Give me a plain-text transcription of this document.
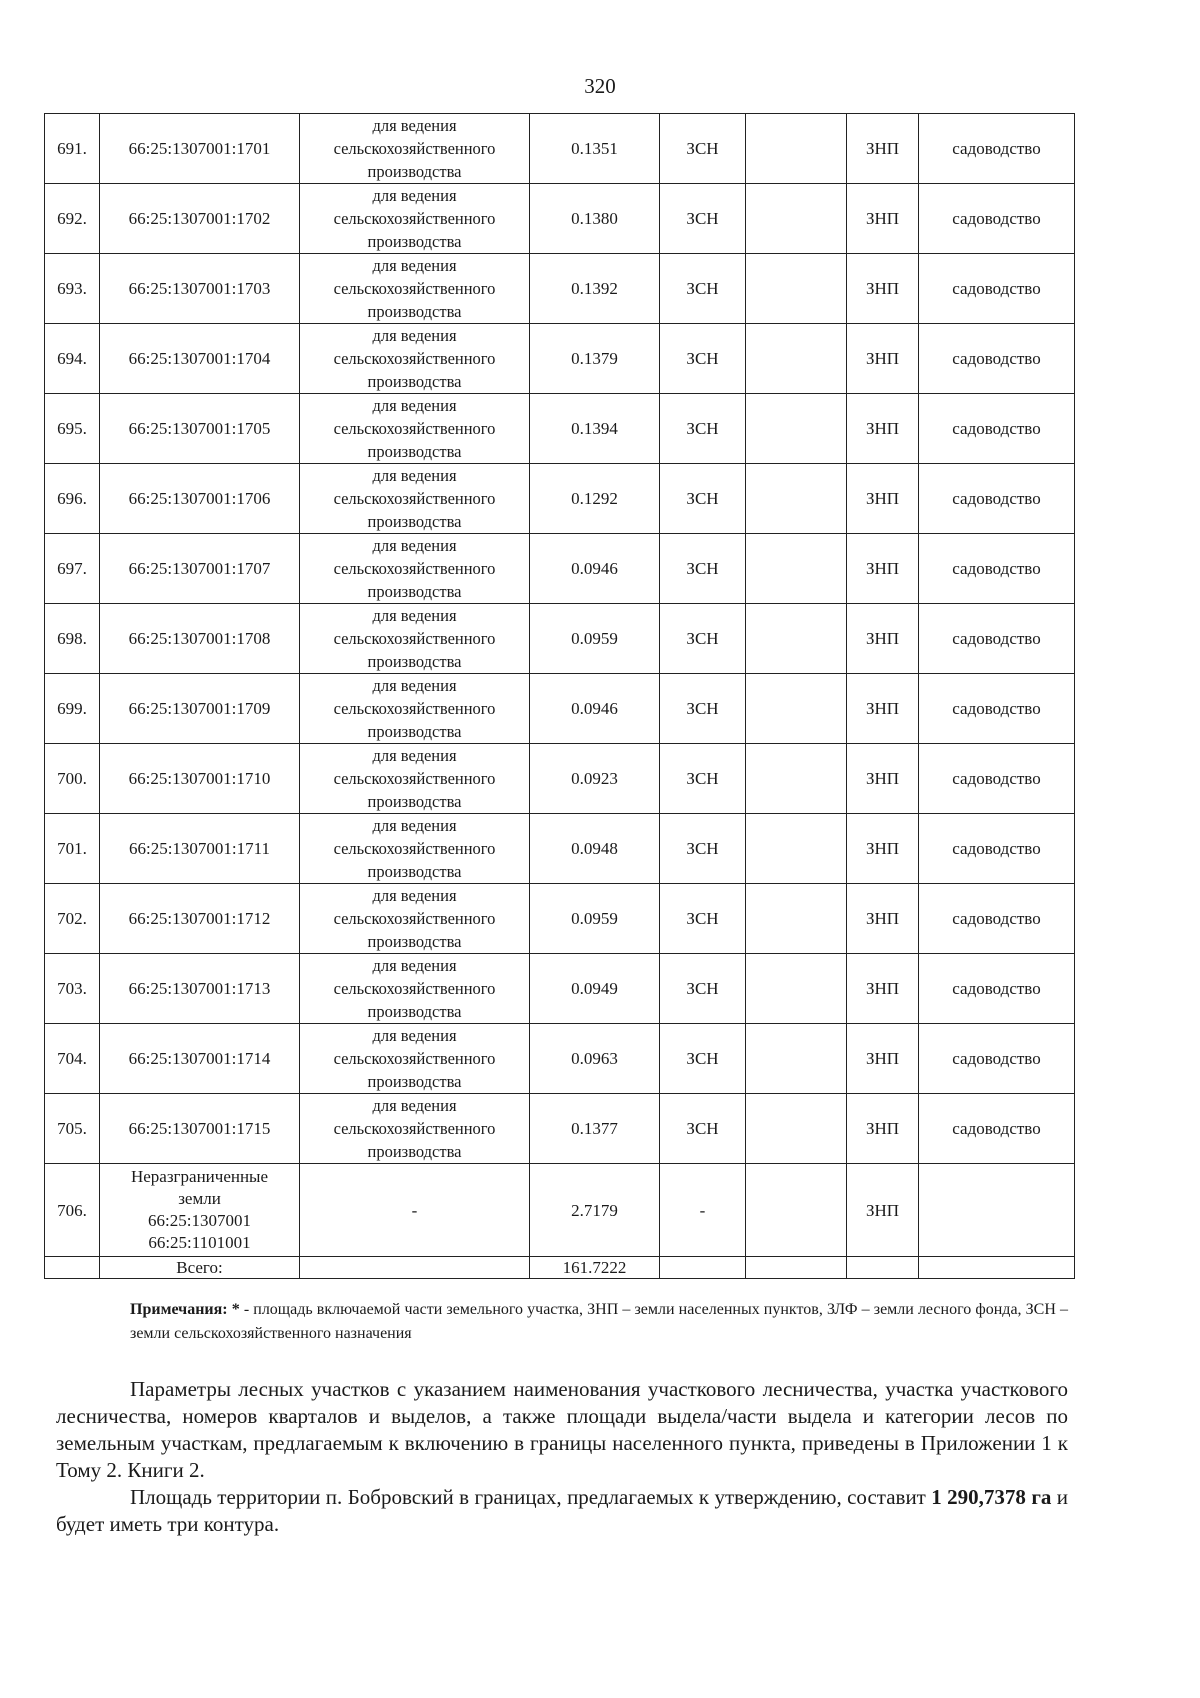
320
691.	66:25:1307001:1701	для ведения
сельскохозяйственного
производства	0.1351	ЗСН		ЗНП	садоводство
692.	66:25:1307001:1702	для ведения
сельскохозяйственного
производства	0.1380	ЗСН		ЗНП	садоводство
693.	66:25:1307001:1703	для ведения
сельскохозяйственного
производства	0.1392	ЗСН		ЗНП	садоводство
694.	66:25:1307001:1704	для ведения
сельскохозяйственного
производства	0.1379	ЗСН		ЗНП	садоводство
695.	66:25:1307001:1705	для ведения
сельскохозяйственного
производства	0.1394	ЗСН		ЗНП	садоводство
696.	66:25:1307001:1706	для ведения
сельскохозяйственного
производства	0.1292	ЗСН		ЗНП	садоводство
697.	66:25:1307001:1707	для ведения
сельскохозяйственного
производства	0.0946	ЗСН		ЗНП	садоводство
698.	66:25:1307001:1708	для ведения
сельскохозяйственного
производства	0.0959	ЗСН		ЗНП	садоводство
699.	66:25:1307001:1709	для ведения
сельскохозяйственного
производства	0.0946	ЗСН		ЗНП	садоводство
700.	66:25:1307001:1710	для ведения
сельскохозяйственного
производства	0.0923	ЗСН		ЗНП	садоводство
701.	66:25:1307001:1711	для ведения
сельскохозяйственного
производства	0.0948	ЗСН		ЗНП	садоводство
702.	66:25:1307001:1712	для ведения
сельскохозяйственного
производства	0.0959	ЗСН		ЗНП	садоводство
703.	66:25:1307001:1713	для ведения
сельскохозяйственного
производства	0.0949	ЗСН		ЗНП	садоводство
704.	66:25:1307001:1714	для ведения
сельскохозяйственного
производства	0.0963	ЗСН		ЗНП	садоводство
705.	66:25:1307001:1715	для ведения
сельскохозяйственного
производства	0.1377	ЗСН		ЗНП	садоводство
706.	Неразграниченные
земли
66:25:1307001
66:25:1101001	-	2.7179	-		ЗНП	
	Всего:		161.7222				
Примечания: * - площадь включаемой части земельного участка, ЗНП – земли населенных пунктов, ЗЛФ – земли лесного фонда, ЗСН – земли сельскохозяйственного назначения
Параметры лесных участков с указанием наименования участкового лесничества, участка участкового лесничества, номеров кварталов и выделов, а также площади выдела/части выдела и категории лесов по земельным участкам, предлагаемым к включению в границы населенного пункта, приведены в Приложении 1 к Тому 2. Книги 2.
Площадь территории п. Бобровский в границах, предлагаемых к утверждению, составит 1 290,7378 га и будет иметь три контура.
